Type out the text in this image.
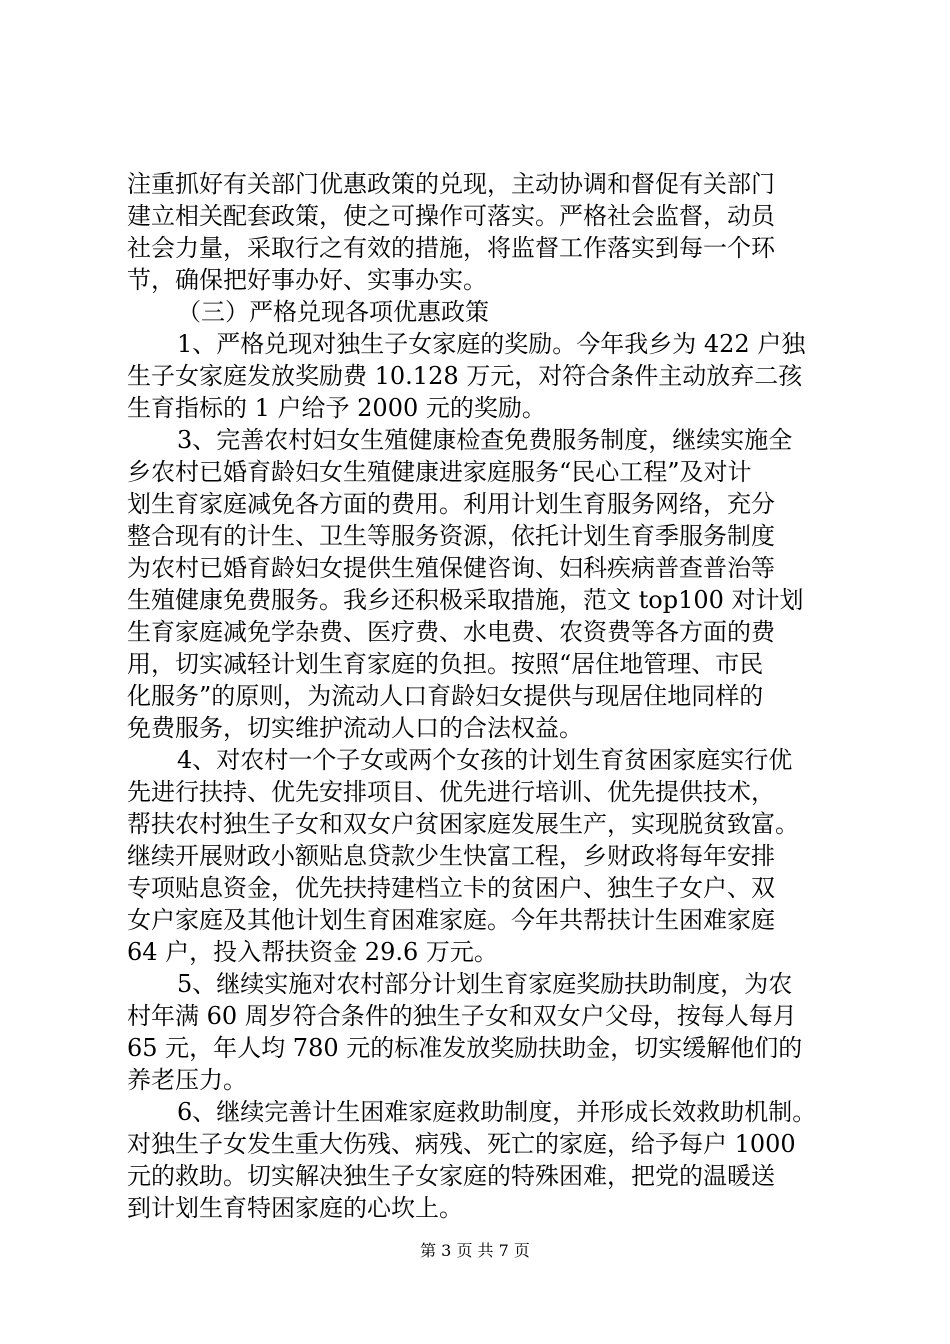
注重抓好有关部门优惠政策的兑现，主动协调和督促有关部门
建立相关配套政策，使之可操作可落实。严格社会监督，动员
社会力量，采取行之有效的措施，将监督工作落实到每一个环
节，确保把好事办好、实事办实。
（三）严格兑现各项优惠政策
1、严格兑现对独生子女家庭的奖励。今年我乡为 422 户独
生子女家庭发放奖励费 10.128 万元，对符合条件主动放弃二孩
生育指标的 1 户给予 2000 元的奖励。
3、完善农村妇女生殖健康检查免费服务制度，继续实施全
乡农村已婚育龄妇女生殖健康进家庭服务“民心工程”及对计
划生育家庭减免各方面的费用。利用计划生育服务网络，充分
整合现有的计生、卫生等服务资源，依托计划生育季服务制度
为农村已婚育龄妇女提供生殖保健咨询、妇科疾病普查普治等
生殖健康免费服务。我乡还积极采取措施，范文 top100 对计划
生育家庭减免学杂费、医疗费、水电费、农资费等各方面的费
用，切实减轻计划生育家庭的负担。按照“居住地管理、市民
化服务”的原则，为流动人口育龄妇女提供与现居住地同样的
免费服务，切实维护流动人口的合法权益。
4、对农村一个子女或两个女孩的计划生育贫困家庭实行优
先进行扶持、优先安排项目、优先进行培训、优先提供技术，
帮扶农村独生子女和双女户贫困家庭发展生产，实现脱贫致富。
继续开展财政小额贴息贷款少生快富工程，乡财政将每年安排
专项贴息资金，优先扶持建档立卡的贫困户、独生子女户、双
女户家庭及其他计划生育困难家庭。今年共帮扶计生困难家庭
64 户，投入帮扶资金 29.6 万元。
5、继续实施对农村部分计划生育家庭奖励扶助制度，为农
村年满 60 周岁符合条件的独生子女和双女户父母，按每人每月
65 元，年人均 780 元的标准发放奖励扶助金，切实缓解他们的
养老压力。
6、继续完善计生困难家庭救助制度，并形成长效救助机制。
对独生子女发生重大伤残、病残、死亡的家庭，给予每户 1000
元的救助。切实解决独生子女家庭的特殊困难，把党的温暖送
到计划生育特困家庭的心坎上。
第 3 页 共 7 页
